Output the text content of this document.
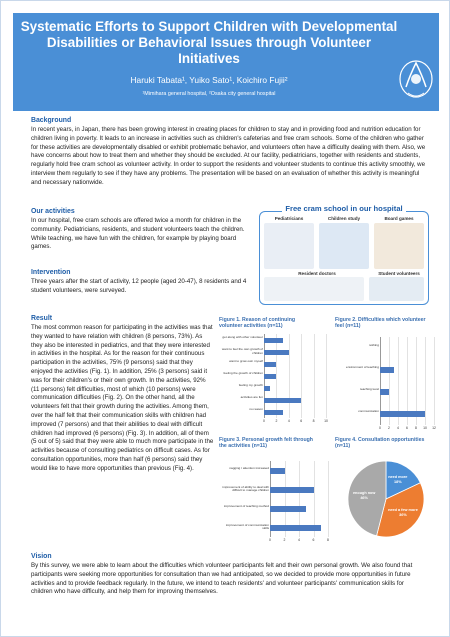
Systematic Efforts to Support Children with Developmental Disabilities or Behavioral Issues through Volunteer Initiatives
Haruki Tabata¹, Yuiko Sato¹, Koichiro Fujii²
¹Mimihara general hospital, ²Osaka city general hospital
Background
In recent years, in Japan, there has been growing interest in creating places for children to stay and in providing food and nutrition education for children living in poverty. It leads to an increase in activities such as children's cafeterias and free cram schools. Some of the children who gather for these activities are developmentally disabled or exhibit problematic behavior, and volunteers often have a difficulty dealing with them. Also, we have concerns about how to treat them and whether they should be excluded. At our facility, pediatricians, together with residents and students, regularly hold free cram school as volunteer activity. In order to support the residents and volunteer students to continue this activity smoothly, we interview them regularly to see if they have any problems. The presentation will be based on an evaluation of whether this activity is meaningful and necessary nationwide.
Our activities
In our hospital, free cram schools are offered twice a month for children in the community. Pediatricians, residents, and student volunteers teach the children. While teaching, we have fun with the children, for example by playing board games.
Intervention
Three years after the start of activity, 12 people (aged 20-47), 8 residents and 4 student volunteers, were surveyed.
Result
The most common reason for participating in the activities was that they wanted to have relation with children (8 persons, 73%). As they also be interested in pediatrics, and that they were interested in activities in the hospital. As for the reason for their continuous participation in the activities, 75% (9 persons) said that they enjoyed the activities (Fig. 1). In addition, 25% (3 persons) said it was for their children's or their own growth. In the activities, 92% (11 persons) felt difficulties, most of which (10 persons) were communication difficulties (Fig. 2). On the other hand, all the volunteers felt that their growth during the activities. Among them, over the half felt that their communication skills with children had improved (7 persons) and that their abilities to deal with difficult children had improved (6 persons) (Fig. 3). In addition, all of them (5 out of 5) said that they were able to much more participate in the activities because of consulting pediatrics on difficult cases. As for consultation opportunities, more than half (6 persons) said they would like to have more opportunities than previous (Fig. 4).
Vision
By this survey, we were able to learn about the difficulties which volunteer participants felt and their own personal growth. We also found that participants were seeking more opportunities for consultation than we had anticipated, so we decided to provide more opportunities in future activities and to provide feedback regularly. In the future, we intend to teach residents' and volunteer participants' communication skills for children who have difficulty, and help them for improving themselves.
Free cram school in our hospital
Pediatricians	Children study	Board games
Resident doctors	Student volunteers
Figure 1. Reason of continuing volunteer activities (n=11)
Figure 2. Difficulties which volunteer feel (n=11)
Figure 3. Personal growth felt through the activities (n=11)
Figure 4. Consultation opportunities (n=11)
0	2	4	6	8	10
get along with other volunteer
want to feel the own growth of children
want to grow own myself
feeling the growth of children
feeling my growth
activities are fun
no reason
0	2	4	6	8	10	12
nothing
environment of teaching
teaching level
communication
0	2	4	6	8
nagging / attention increased
improvement of ability to deal with difficult to manage children
improvement of teaching method
improvement of communication skills
need more
18%
need a few more
36%
enough now
46%
